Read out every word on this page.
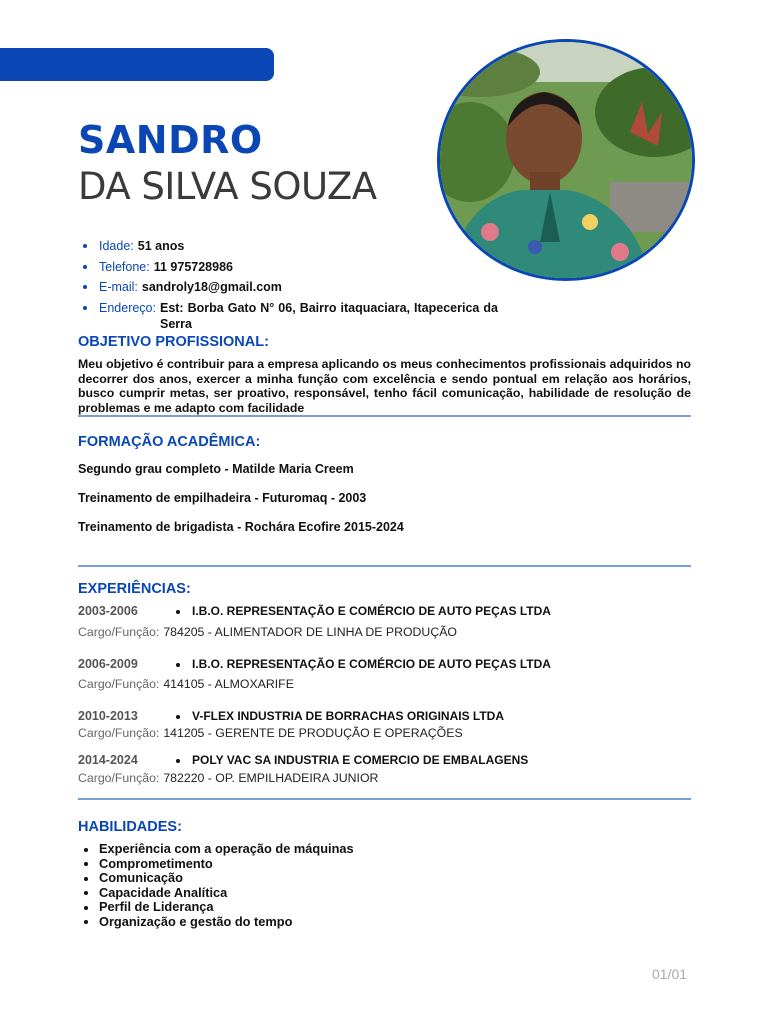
SANDRO
DA SILVA SOUZA
Idade: 51 anos
Telefone: 11 975728986
E-mail: sandroly18@gmail.com
Endereço: Est: Borba Gato N° 06, Bairro itaquaciara, Itapecerica da Serra
OBJETIVO PROFISSIONAL:

Meu objetivo é contribuir para a empresa aplicando os meus conhecimentos profissionais adquiridos no decorrer dos anos, exercer a minha função com excelência e sendo pontual em relação aos horários, busco cumprir metas, ser proativo, responsável, tenho fácil comunicação, habilidade de resolução de problemas e me adapto com facilidade

FORMAÇÃO ACADÊMICA:

Segundo grau completo - Matilde Maria Creem

Treinamento de empilhadeira - Futuromaq - 2003

Treinamento de brigadista - Rochára Ecofire 2015-2024

EXPERIÊNCIAS:
2003-2006	I.B.O. REPRESENTAÇÃO E COMÉRCIO DE AUTO PEÇAS LTDA
Cargo/Função: 784205 - ALIMENTADOR DE LINHA DE PRODUÇÃO
2006-2009	I.B.O. REPRESENTAÇÃO E COMÉRCIO DE AUTO PEÇAS LTDA
Cargo/Função: 414105 - ALMOXARIFE
2010-2013	V-FLEX INDUSTRIA DE BORRACHAS ORIGINAIS LTDA
Cargo/Função: 141205 - GERENTE DE PRODUÇÃO E OPERAÇÕES
2014-2024	POLY VAC SA INDUSTRIA E COMERCIO DE EMBALAGENS
Cargo/Função: 782220 - OP. EMPILHADEIRA JUNIOR
HABILIDADES:
Experiência com a operação de máquinas
Comprometimento
Comunicação
Capacidade Analítica
Perfil de Liderança
Organização e gestão do tempo
01/01
